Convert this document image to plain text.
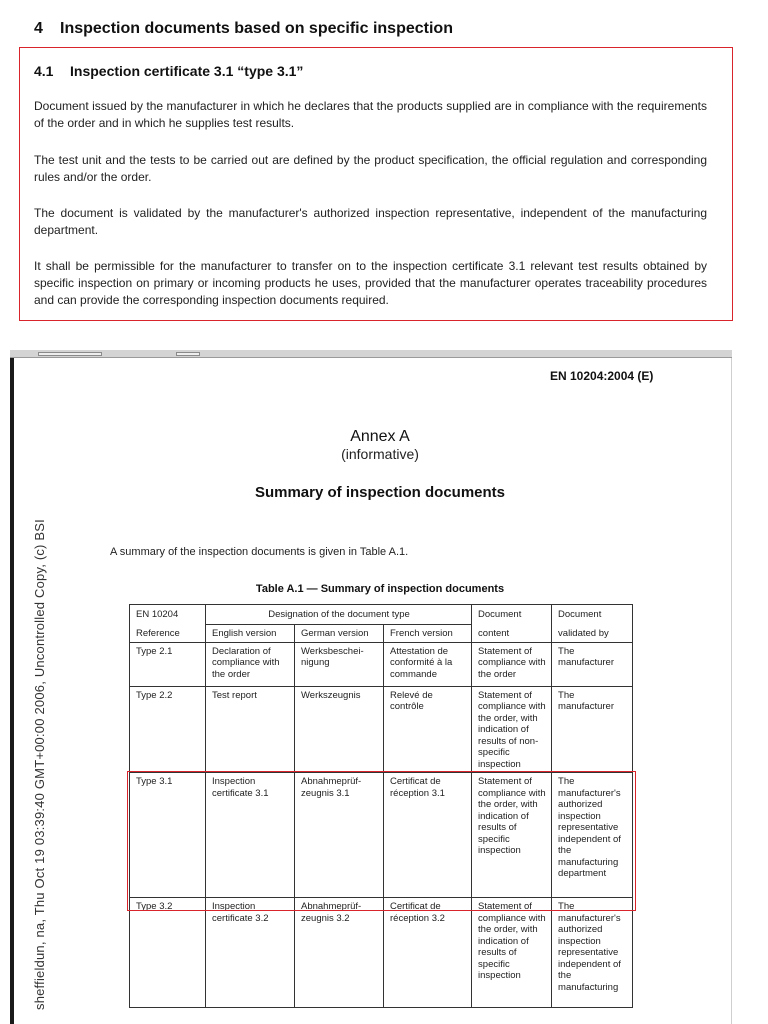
4 Inspection documents based on specific inspection
4.1 Inspection certificate 3.1 “type 3.1”

Document issued by the manufacturer in which he declares that the products supplied are in compliance with the requirements of the order and in which he supplies test results.

The test unit and the tests to be carried out are defined by the product specification, the official regulation and corresponding rules and/or the order.

The document is validated by the manufacturer's authorized inspection representative, independent of the manufacturing department.

It shall be permissible for the manufacturer to transfer on to the inspection certificate 3.1 relevant test results obtained by specific inspection on primary or incoming products he uses, provided that the manufacturer operates traceability procedures and can provide the corresponding inspection documents required.

EN 10204:2004 (E)
Annex A
(informative)
Summary of inspection documents
A summary of the inspection documents is given in Table A.1.
Table A.1 — Summary of inspection documents
sheffieldun, na, Thu Oct 19 03:39:40 GMT+00:00 2006, Uncontrolled Copy, (c) BSI	EN 10204	Designation of the document type			Document	Document
Reference	English version	German version	French version	content	validated by
Type 2.1	Declaration of compliance with the order	Werksbeschei-nigung	Attestation de conformité à la commande	Statement of compliance with the order	The manufacturer
Type 2.2	Test report	Werkszeugnis	Relevé de contrôle	Statement of compliance with the order, with indication of results of non-specific inspection	The manufacturer
Type 3.1	Inspection certificate 3.1	Abnahmeprüf-zeugnis 3.1	Certificat de réception 3.1	Statement of compliance with the order, with indication of results of specific inspection	The manufacturer's authorized inspection representative independent of the manufacturing department
Type 3.2	Inspection certificate 3.2	Abnahmeprüf-zeugnis 3.2	Certificat de réception 3.2	Statement of compliance with the order, with indication of results of specific inspection	The manufacturer's authorized inspection representative independent of the manufacturing
